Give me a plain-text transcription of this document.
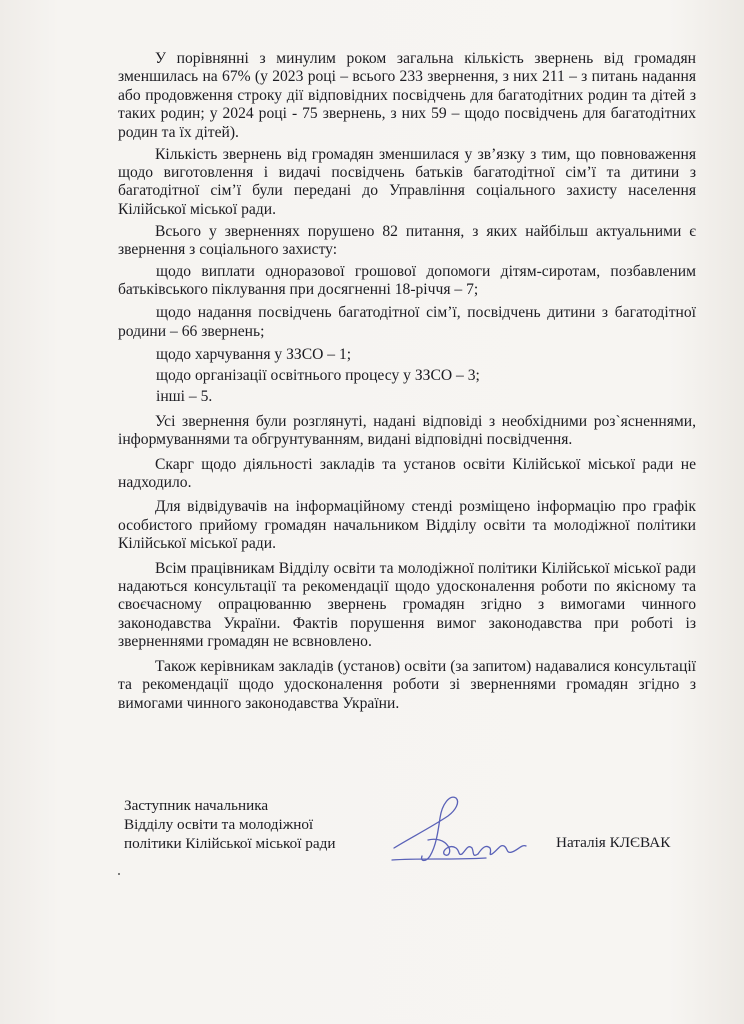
У порівнянні з минулим роком загальна кількість звернень від громадян зменшилась на 67% (у 2023 році – всього 233 звернення, з них 211 – з питань надання або продовження строку дії відповідних посвідчень для багатодітних родин та дітей з таких родин; у 2024 році - 75 звернень, з них 59 – щодо посвідчень для багатодітних родин та їх дітей).

Кількість звернень від громадян зменшилася у зв’язку з тим, що повноваження щодо виготовлення і видачі посвідчень батьків багатодітної сім’ї та дитини з багатодітної сім’ї були передані до Управління соціального захисту населення Кілійської міської ради.

Всього у зверненнях порушено 82 питання, з яких найбільш актуальними є звернення з соціального захисту:

щодо виплати одноразової грошової допомоги дітям-сиротам, позбавленим батьківського піклування при досягненні 18-річчя – 7;

щодо надання посвідчень багатодітної сім’ї, посвідчень дитини з багатодітної родини – 66 звернень;

щодо харчування у ЗЗСО – 1;

щодо організації освітнього процесу у ЗЗСО – 3;

інші – 5.

Усі звернення були розглянуті, надані відповіді з необхідними роз`ясненнями, інформуваннями та обгрунтуванням, видані відповідні посвідчення.

Скарг щодо діяльності закладів та установ освіти Кілійської міської ради не надходило.

Для відвідувачів на інформаційному стенді розміщено інформацію про графік особистого прийому громадян начальником Відділу освіти та молодіжної політики Кілійської міської ради.

Всім працівникам Відділу освіти та молодіжної політики Кілійської міської ради надаються консультації та рекомендації щодо удосконалення роботи по якісному та своєчасному опрацюванню звернень громадян згідно з вимогами чинного законодавства України. Фактів порушення вимог законодавства при роботі із зверненнями громадян не всвновлено.

Також керівникам закладів (установ) освіти (за запитом) надавалися консультації та рекомендації щодо удосконалення роботи зі зверненнями громадян згідно з вимогами чинного законодавства України.

Заступник начальника
Відділу освіти та молодіжної
політики Кілійської міської ради	Наталія КЛЄВАК
